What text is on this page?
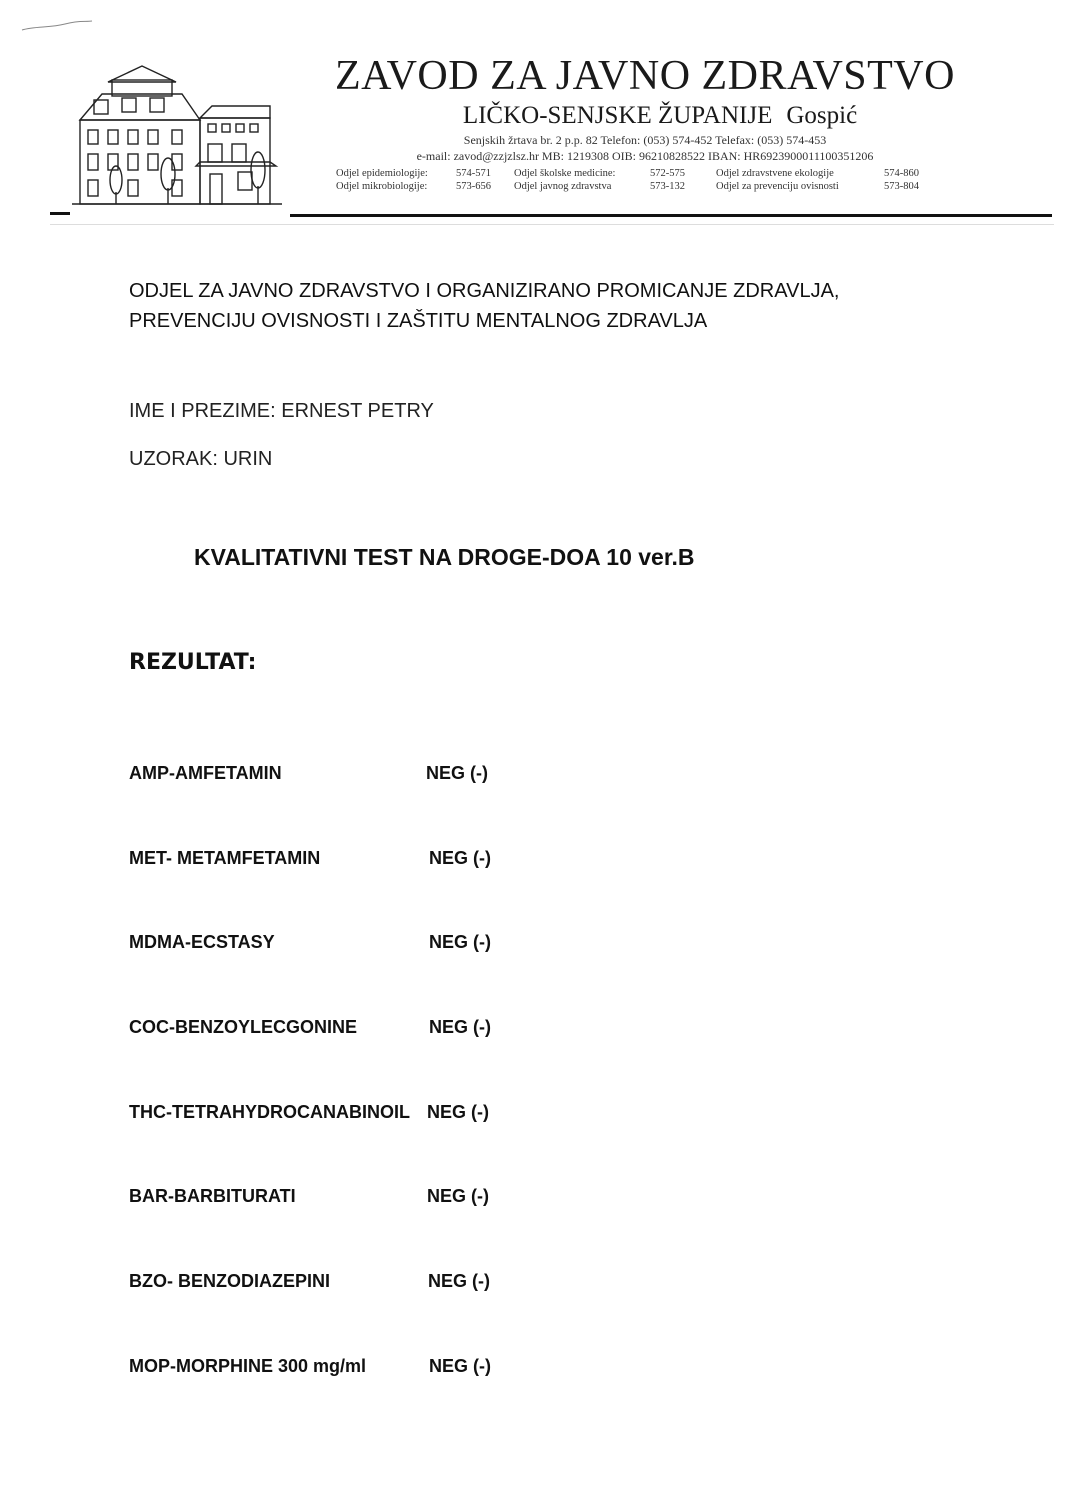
ZAVOD ZA JAVNO ZDRAVSTVO
LIČKO-SENJSKE ŽUPANIJE Gospić
Senjskih žrtava br. 2 p.p. 82 Telefon: (053) 574-452 Telefax: (053) 574-453
e-mail: zavod@zzjzlsz.hr MB: 1219308 OIB: 96210828522 IBAN: HR6923900011100351206
Odjel epidemiologije:	574-571	Odjel školske medicine:	572-575	Odjel zdravstvene ekologije	574-860
Odjel mikrobiologije:	573-656	Odjel javnog zdravstva	573-132	Odjel za prevenciju ovisnosti	573-804
ODJEL ZA JAVNO ZDRAVSTVO I ORGANIZIRANO PROMICANJE ZDRAVLJA,
PREVENCIJU OVISNOSTI I ZAŠTITU MENTALNOG ZDRAVLJA
IME I PREZIME: ERNEST PETRY
UZORAK: URIN
KVALITATIVNI TEST NA DROGE-DOA 10 ver.B
REZULTAT:
AMP-AMFETAMIN	NEG (-)
MET- METAMFETAMIN	NEG (-)
MDMA-ECSTASY	NEG (-)
COC-BENZOYLECGONINE	NEG (-)
THC-TETRAHYDROCANABINOIL NEG (-)
BAR-BARBITURATI	NEG (-)
BZO- BENZODIAZEPINI	NEG (-)
MOP-MORPHINE 300 mg/ml	NEG (-)
